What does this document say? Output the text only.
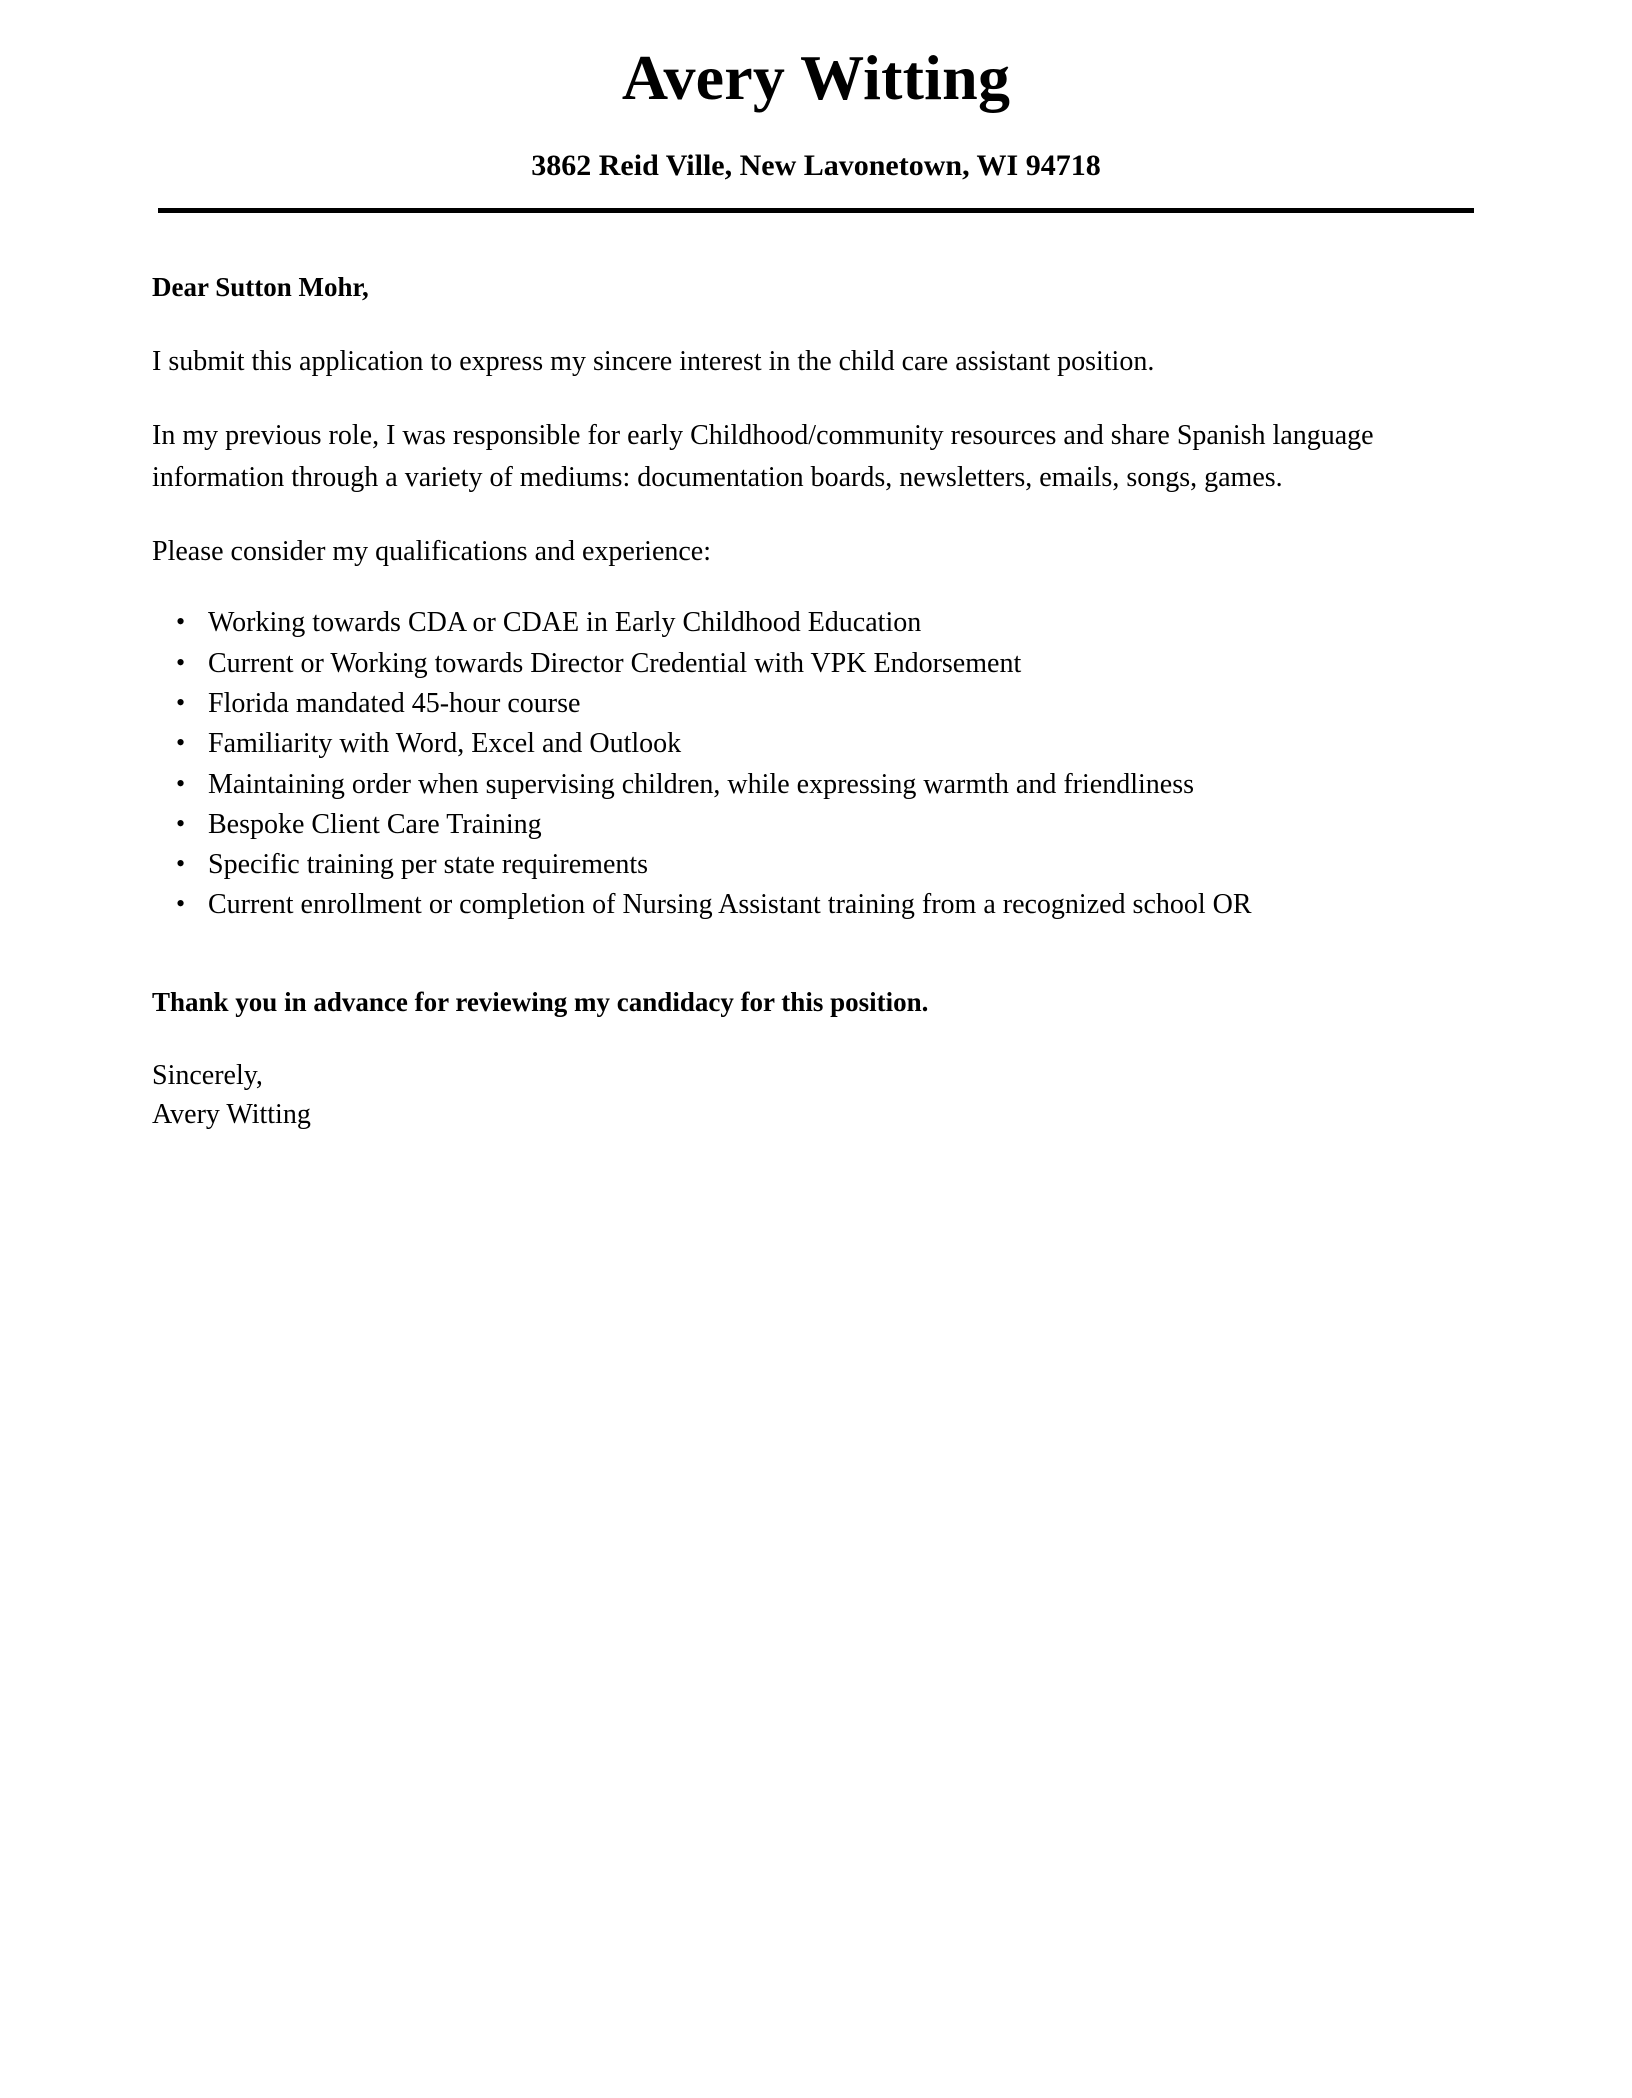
Avery Witting
3862 Reid Ville, New Lavonetown, WI 94718

Dear Sutton Mohr,

I submit this application to express my sincere interest in the child care assistant position.

In my previous role, I was responsible for early Childhood/community resources and share Spanish language information through a variety of mediums: documentation boards, newsletters, emails, songs, games.

Please consider my qualifications and experience:

• Working towards CDA or CDAE in Early Childhood Education
• Current or Working towards Director Credential with VPK Endorsement
• Florida mandated 45-hour course
• Familiarity with Word, Excel and Outlook
• Maintaining order when supervising children, while expressing warmth and friendliness
• Bespoke Client Care Training
• Specific training per state requirements
• Current enrollment or completion of Nursing Assistant training from a recognized school OR

Thank you in advance for reviewing my candidacy for this position.

Sincerely,
Avery Witting
